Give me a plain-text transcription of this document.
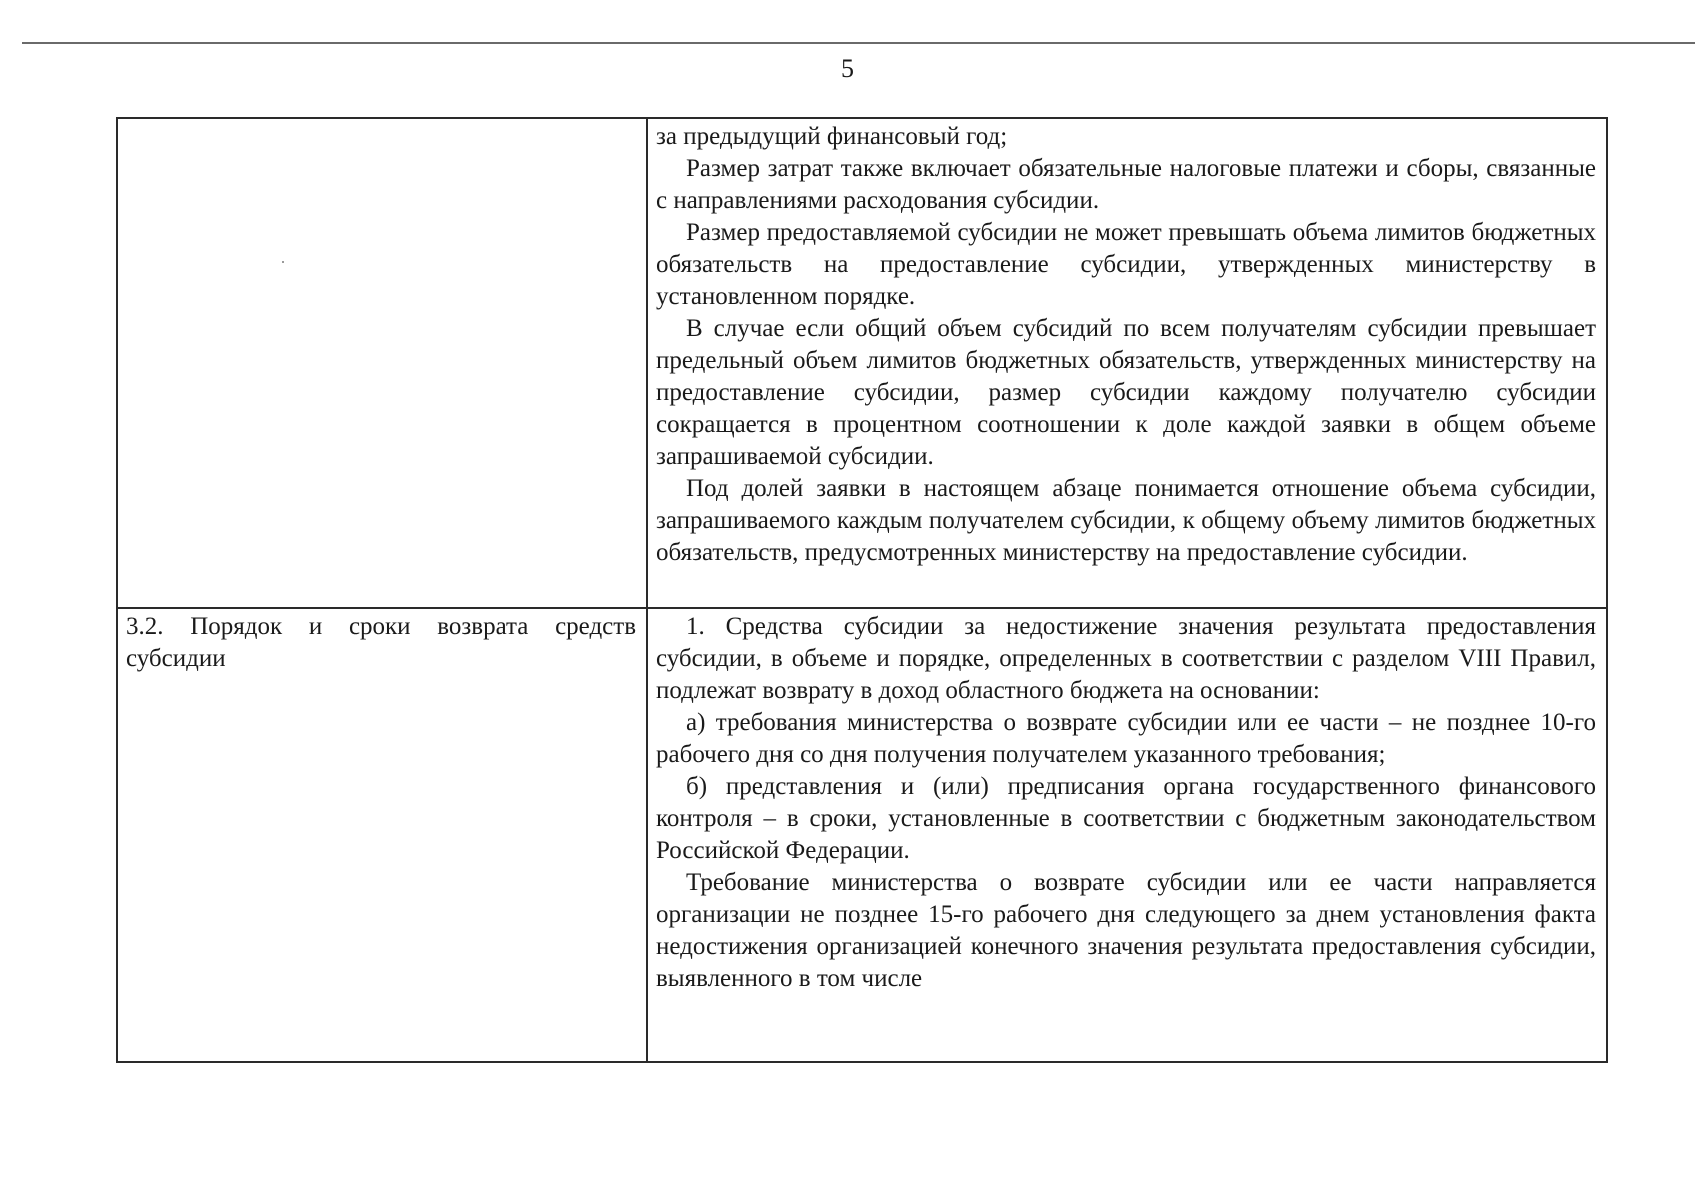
5

	за предыдущий финансовый год;

Размер затрат также включает обязательные налоговые платежи и сборы, связанные с направлениями расходования субсидии.

Размер предоставляемой субсидии не может превышать объема лимитов бюджетных обязательств на предоставление субсидии, утвержденных министерству в установленном порядке.

В случае если общий объем субсидий по всем получателям субсидии превышает предельный объем лимитов бюджетных обязательств, утвержденных министерству на предоставление субсидии, размер субсидии каждому получателю субсидии сокращается в процентном соотношении к доле каждой заявки в общем объеме запрашиваемой субсидии.

Под долей заявки в настоящем абзаце понимается отношение объема субсидии, запрашиваемого каждым получателем субсидии, к общему объему лимитов бюджетных обязательств, предусмотренных министерству на предоставление субсидии.

3.2. Порядок и сроки возврата средств субсидии	1. Средства субсидии за недостижение значения результата предоставления субсидии, в объеме и порядке, определенных в соответствии с разделом VIII Правил, подлежат возврату в доход областного бюджета на основании:

а) требования министерства о возврате субсидии или ее части – не позднее 10-го рабочего дня со дня получения получателем указанного требования;

б) представления и (или) предписания органа государственного финансового контроля – в сроки, установленные в соответствии с бюджетным законодательством Российской Федерации.

Требование министерства о возврате субсидии или ее части направляется организации не позднее 15-го рабочего дня следующего за днем установления факта недостижения организацией конечного значения результата предоставления субсидии, выявленного в том числе
